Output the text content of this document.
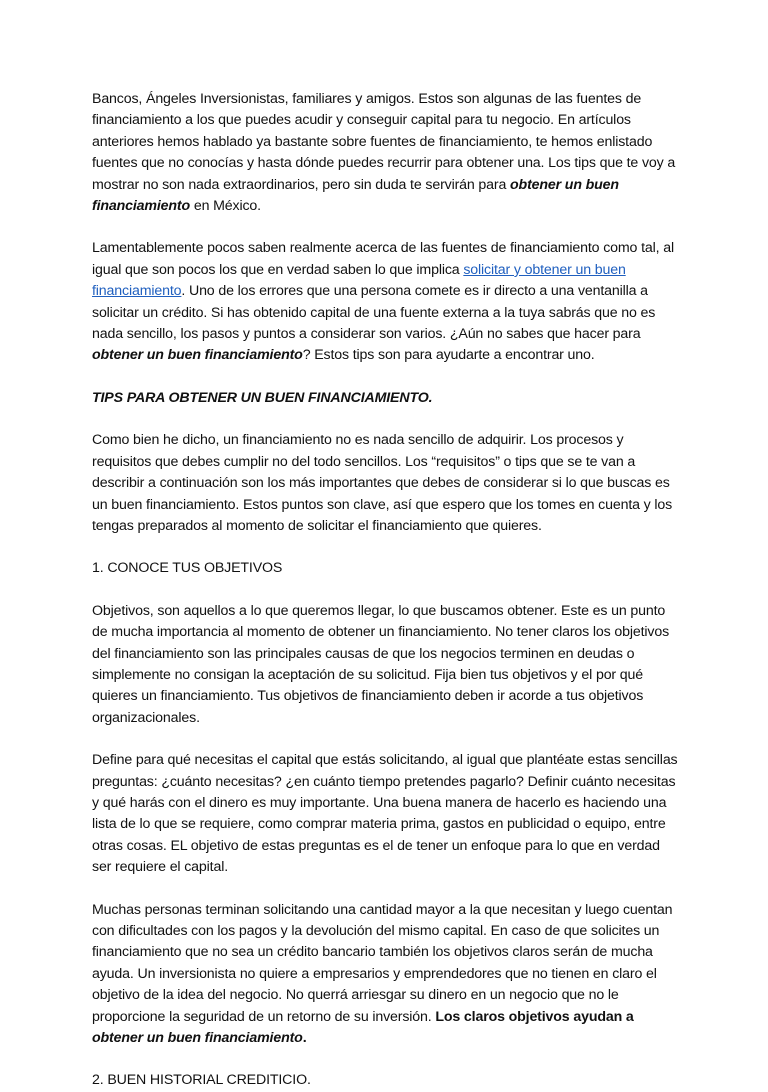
Bancos, Ángeles Inversionistas, familiares y amigos. Estos son algunas de las fuentes de financiamiento a los que puedes acudir y conseguir capital para tu negocio. En artículos anteriores hemos hablado ya bastante sobre fuentes de financiamiento, te hemos enlistado fuentes que no conocías y hasta dónde puedes recurrir para obtener una. Los tips que te voy a mostrar no son nada extraordinarios, pero sin duda te servirán para obtener un buen financiamiento en México.

Lamentablemente pocos saben realmente acerca de las fuentes de financiamiento como tal, al igual que son pocos los que en verdad saben lo que implica solicitar y obtener un buen financiamiento. Uno de los errores que una persona comete es ir directo a una ventanilla a solicitar un crédito. Si has obtenido capital de una fuente externa a la tuya sabrás que no es nada sencillo, los pasos y puntos a considerar son varios. ¿Aún no sabes que hacer para obtener un buen financiamiento? Estos tips son para ayudarte a encontrar uno.

TIPS PARA OBTENER UN BUEN FINANCIAMIENTO.

Como bien he dicho, un financiamiento no es nada sencillo de adquirir. Los procesos y requisitos que debes cumplir no del todo sencillos. Los “requisitos” o tips que se te van a describir a continuación son los más importantes que debes de considerar si lo que buscas es un buen financiamiento. Estos puntos son clave, así que espero que los tomes en cuenta y los tengas preparados al momento de solicitar el financiamiento que quieres.

1. CONOCE TUS OBJETIVOS

Objetivos, son aquellos a lo que queremos llegar, lo que buscamos obtener. Este es un punto de mucha importancia al momento de obtener un financiamiento. No tener claros los objetivos del financiamiento son las principales causas de que los negocios terminen en deudas o simplemente no consigan la aceptación de su solicitud. Fija bien tus objetivos y el por qué quieres un financiamiento. Tus objetivos de financiamiento deben ir acorde a tus objetivos organizacionales.

Define para qué necesitas el capital que estás solicitando, al igual que plantéate estas sencillas preguntas: ¿cuánto necesitas? ¿en cuánto tiempo pretendes pagarlo? Definir cuánto necesitas y qué harás con el dinero es muy importante. Una buena manera de hacerlo es haciendo una lista de lo que se requiere, como comprar materia prima, gastos en publicidad o equipo, entre otras cosas. EL objetivo de estas preguntas es el de tener un enfoque para lo que en verdad ser requiere el capital.

Muchas personas terminan solicitando una cantidad mayor a la que necesitan y luego cuentan con dificultades con los pagos y la devolución del mismo capital. En caso de que solicites un financiamiento que no sea un crédito bancario también los objetivos claros serán de mucha ayuda. Un inversionista no quiere a empresarios y emprendedores que no tienen en claro el objetivo de la idea del negocio. No querrá arriesgar su dinero en un negocio que no le proporcione la seguridad de un retorno de su inversión. Los claros objetivos ayudan a obtener un buen financiamiento.

2. BUEN HISTORIAL CREDITICIO.
